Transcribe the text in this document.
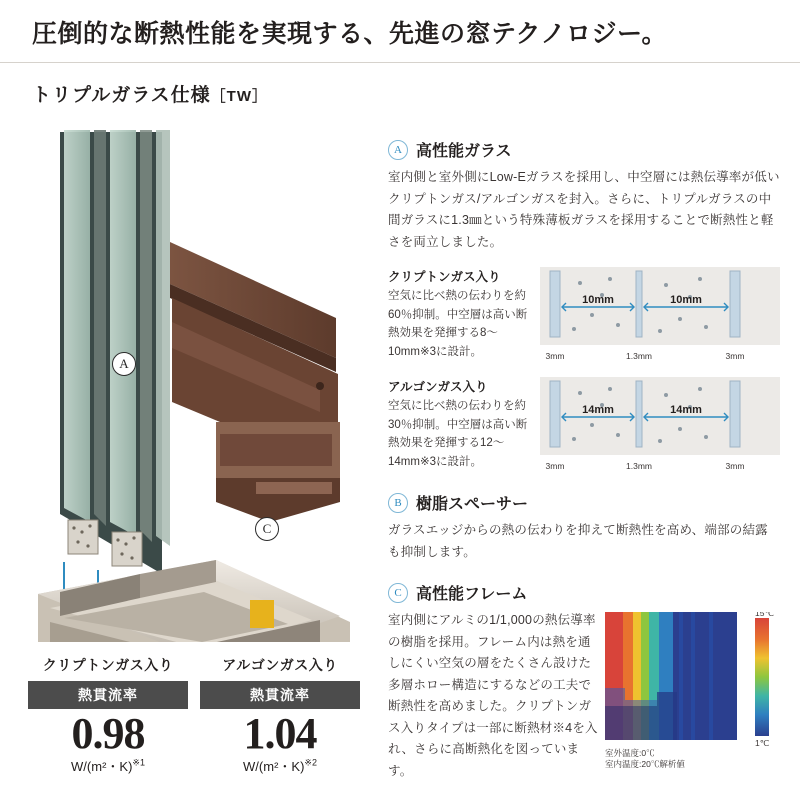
圧倒的な断熱性能を実現する、先進の窓テクノロジー。
トリプルガラス仕様［TW］
A
C
クリプトンガス入り
熱貫流率
0.98
W/(m²・K)$^{※1}$
アルゴンガス入り
熱貫流率
1.04
W/(m²・K)$^{※2}$
A 高性能ガラス
室内側と室外側にLow-Eガラスを採用し、中空層には熱伝導率が低いクリプトンガス/アルゴンガスを封入。さらに、トリプルガラスの中間ガラスに1.3㎜という特殊薄板ガラスを採用することで断熱性と軽さを両立しました。
クリプトンガス入り
空気に比べ熱の伝わりを約60％抑制。中空層は高い断熱効果を発揮する8〜10mm※3に設計。
10mm	10mm
3mm	1.3mm	3mm
アルゴンガス入り
空気に比べ熱の伝わりを約30％抑制。中空層は高い断熱効果を発揮する12〜14mm※3に設計。
14mm	14mm
3mm	1.3mm	3mm
B 樹脂スペーサー
ガラスエッジからの熱の伝わりを抑えて断熱性を高め、端部の結露も抑制します。
C 高性能フレーム
室内側にアルミの1/1,000の熱伝導率の樹脂を採用。フレーム内は熱を通しにくい空気の層をたくさん設けた多層ホロー構造にするなどの工夫で断熱性を高めました。クリプトンガス入りタイプは一部に断熱材※4を入れ、さらに高断熱化を図っています。
15℃
1℃
室外温度:0℃
室内温度:20℃解析値
